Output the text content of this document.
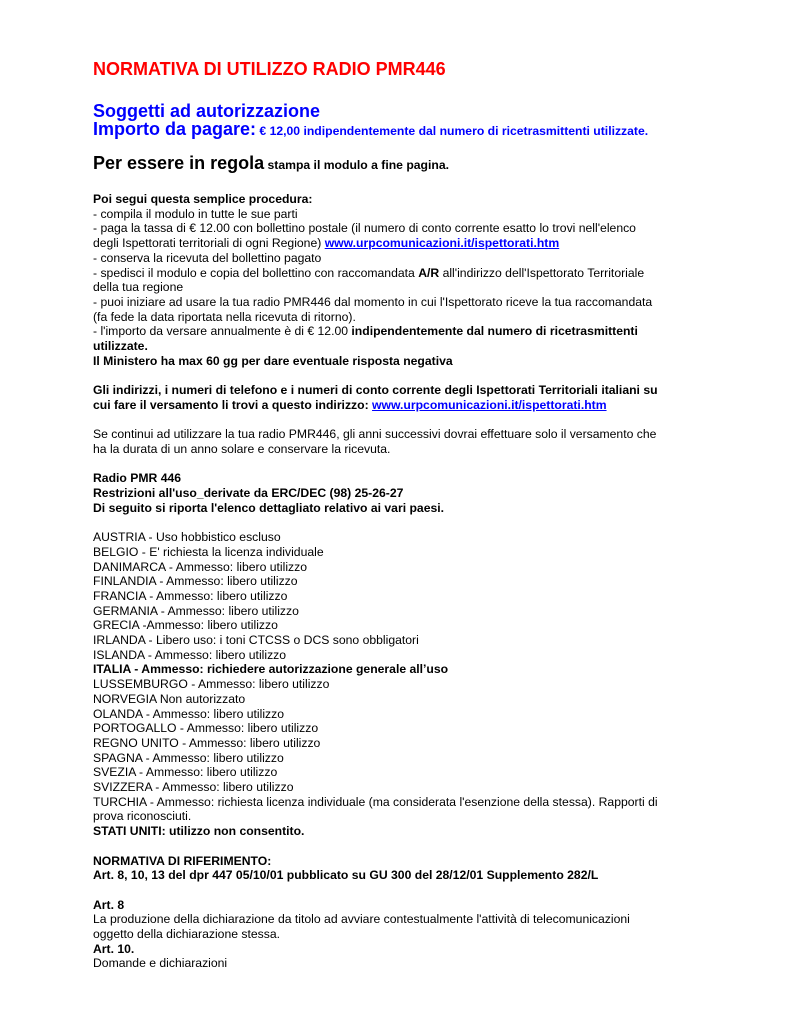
NORMATIVA DI UTILIZZO RADIO PMR446
Soggetti ad autorizzazione
Importo da pagare: € 12,00 indipendentemente dal numero di ricetrasmittenti utilizzate.
Per essere in regola stampa il modulo a fine pagina.

Poi segui questa semplice procedura:

- compila il modulo in tutte le sue parti

- paga la tassa di € 12.00 con bollettino postale (il numero di conto corrente esatto lo trovi nell'elenco

degli Ispettorati territoriali di ogni Regione) www.urpcomunicazioni.it/ispettorati.htm

- conserva la ricevuta del bollettino pagato

- spedisci il modulo e copia del bollettino con raccomandata A/R all'indirizzo dell'Ispettorato Territoriale

della tua regione

- puoi iniziare ad usare la tua radio PMR446 dal momento in cui l'Ispettorato riceve la tua raccomandata

(fa fede la data riportata nella ricevuta di ritorno).

- l'importo da versare annualmente è di € 12.00 indipendentemente dal numero di ricetrasmittenti

utilizzate.

Il Ministero ha max 60 gg per dare eventuale risposta negativa

Gli indirizzi, i numeri di telefono e i numeri di conto corrente degli Ispettorati Territoriali italiani su

cui fare il versamento li trovi a questo indirizzo: www.urpcomunicazioni.it/ispettorati.htm

Se continui ad utilizzare la tua radio PMR446, gli anni successivi dovrai effettuare solo il versamento che

ha la durata di un anno solare e conservare la ricevuta.

Radio PMR 446

Restrizioni all'uso_derivate da ERC/DEC (98) 25-26-27

Di seguito si riporta l'elenco dettagliato relativo ai vari paesi.

AUSTRIA - Uso hobbistico escluso

BELGIO - E' richiesta la licenza individuale

DANIMARCA - Ammesso: libero utilizzo

FINLANDIA - Ammesso: libero utilizzo

FRANCIA - Ammesso: libero utilizzo

GERMANIA - Ammesso: libero utilizzo

GRECIA -Ammesso: libero utilizzo

IRLANDA - Libero uso: i toni CTCSS o DCS sono obbligatori

ISLANDA - Ammesso: libero utilizzo

ITALIA - Ammesso: richiedere autorizzazione generale all’uso

LUSSEMBURGO - Ammesso: libero utilizzo

NORVEGIA Non autorizzato

OLANDA - Ammesso: libero utilizzo

PORTOGALLO - Ammesso: libero utilizzo

REGNO UNITO - Ammesso: libero utilizzo

SPAGNA - Ammesso: libero utilizzo

SVEZIA - Ammesso: libero utilizzo

SVIZZERA - Ammesso: libero utilizzo

TURCHIA - Ammesso: richiesta licenza individuale (ma considerata l'esenzione della stessa). Rapporti di

prova riconosciuti.

STATI UNITI: utilizzo non consentito.

NORMATIVA DI RIFERIMENTO:

Art. 8, 10, 13 del dpr 447 05/10/01 pubblicato su GU 300 del 28/12/01 Supplemento 282/L

Art. 8

La produzione della dichiarazione da titolo ad avviare contestualmente l'attività di telecomunicazioni

oggetto della dichiarazione stessa.

Art. 10.

Domande e dichiarazioni
